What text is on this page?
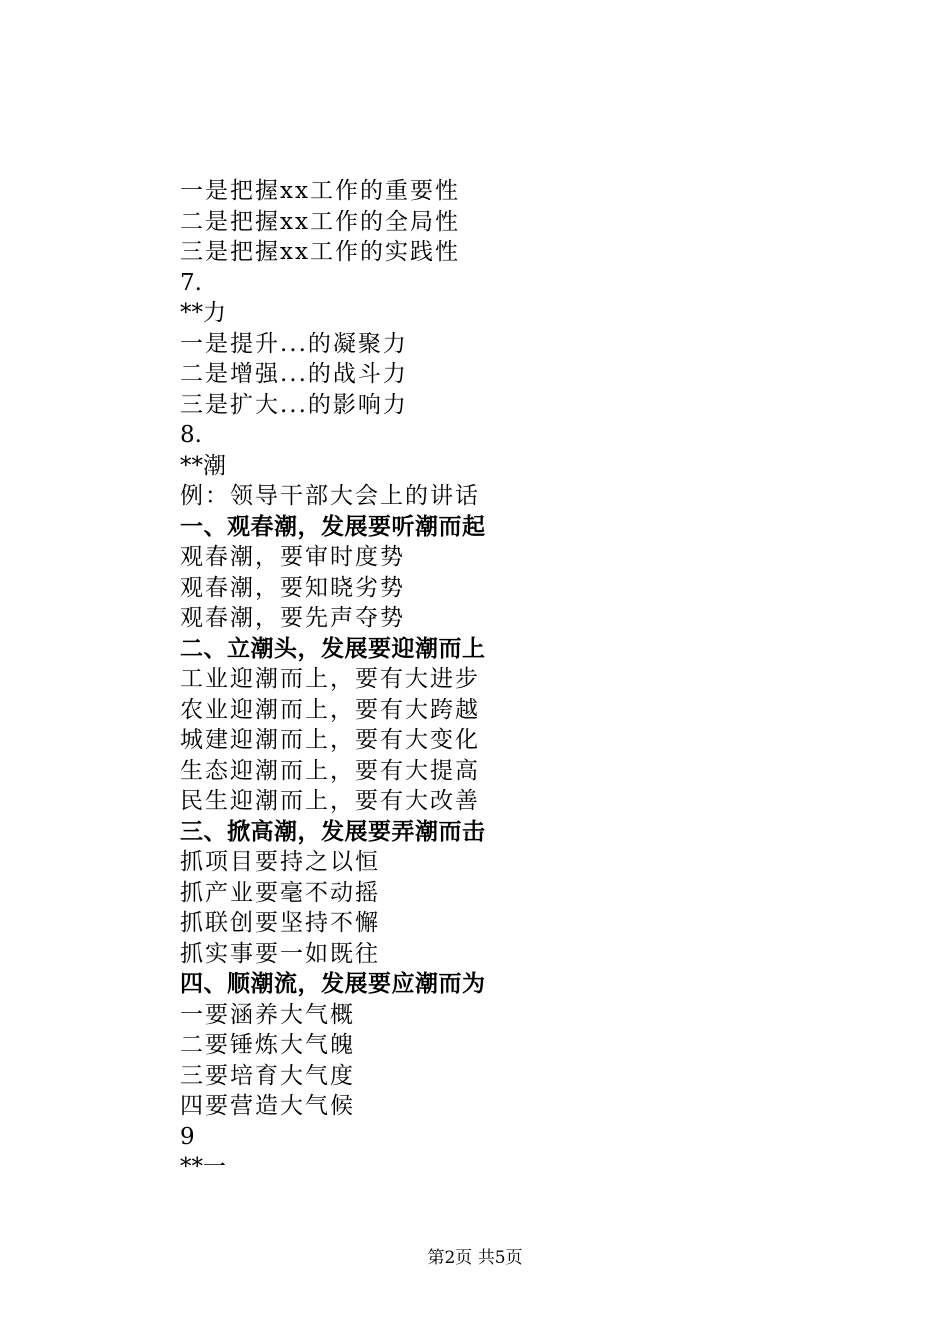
一是把握xx工作的重要性
二是把握xx工作的全局性
三是把握xx工作的实践性
7.
**力
一是提升...的凝聚力
二是增强...的战斗力
三是扩大...的影响力
8.
**潮
例：领导干部大会上的讲话
一、观春潮，发展要听潮而起
观春潮，要审时度势
观春潮，要知晓劣势
观春潮，要先声夺势
二、立潮头，发展要迎潮而上
工业迎潮而上，要有大进步
农业迎潮而上，要有大跨越
城建迎潮而上，要有大变化
生态迎潮而上，要有大提高
民生迎潮而上，要有大改善
三、掀高潮，发展要弄潮而击
抓项目要持之以恒
抓产业要毫不动摇
抓联创要坚持不懈
抓实事要一如既往
四、顺潮流，发展要应潮而为
一要涵养大气概
二要锤炼大气魄
三要培育大气度
四要营造大气候
9
**一
第2页 共5页
